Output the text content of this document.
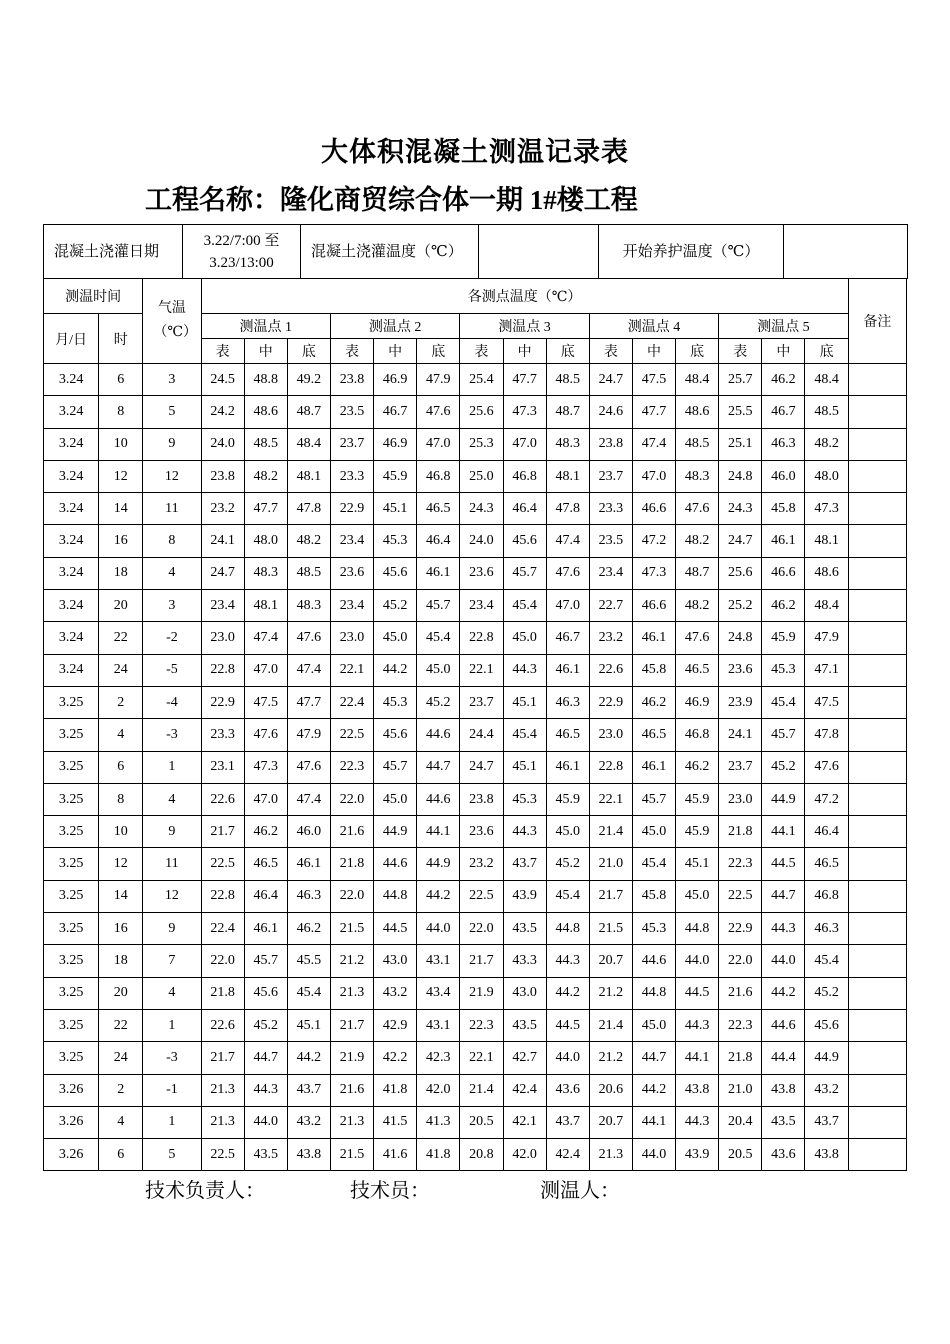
大体积混凝土测温记录表
工程名称：隆化商贸综合体一期 1#楼工程
混凝土浇灌日期	3.22/7:00 至 3.23/13:00	混凝土浇灌温度（℃）		开始养护温度（℃）	
测温时间		气温（℃）	各测点温度（℃）															备注
月/日	时		测温点 1			测温点 2			测温点 3			测温点 4			测温点 5			
			表	中	底	表	中	底	表	中	底	表	中	底	表	中	底	
3.24	6	3	24.5	48.8	49.2	23.8	46.9	47.9	25.4	47.7	48.5	24.7	47.5	48.4	25.7	46.2	48.4	
3.24	8	5	24.2	48.6	48.7	23.5	46.7	47.6	25.6	47.3	48.7	24.6	47.7	48.6	25.5	46.7	48.5	
3.24	10	9	24.0	48.5	48.4	23.7	46.9	47.0	25.3	47.0	48.3	23.8	47.4	48.5	25.1	46.3	48.2	
3.24	12	12	23.8	48.2	48.1	23.3	45.9	46.8	25.0	46.8	48.1	23.7	47.0	48.3	24.8	46.0	48.0	
3.24	14	11	23.2	47.7	47.8	22.9	45.1	46.5	24.3	46.4	47.8	23.3	46.6	47.6	24.3	45.8	47.3	
3.24	16	8	24.1	48.0	48.2	23.4	45.3	46.4	24.0	45.6	47.4	23.5	47.2	48.2	24.7	46.1	48.1	
3.24	18	4	24.7	48.3	48.5	23.6	45.6	46.1	23.6	45.7	47.6	23.4	47.3	48.7	25.6	46.6	48.6	
3.24	20	3	23.4	48.1	48.3	23.4	45.2	45.7	23.4	45.4	47.0	22.7	46.6	48.2	25.2	46.2	48.4	
3.24	22	-2	23.0	47.4	47.6	23.0	45.0	45.4	22.8	45.0	46.7	23.2	46.1	47.6	24.8	45.9	47.9	
3.24	24	-5	22.8	47.0	47.4	22.1	44.2	45.0	22.1	44.3	46.1	22.6	45.8	46.5	23.6	45.3	47.1	
3.25	2	-4	22.9	47.5	47.7	22.4	45.3	45.2	23.7	45.1	46.3	22.9	46.2	46.9	23.9	45.4	47.5	
3.25	4	-3	23.3	47.6	47.9	22.5	45.6	44.6	24.4	45.4	46.5	23.0	46.5	46.8	24.1	45.7	47.8	
3.25	6	1	23.1	47.3	47.6	22.3	45.7	44.7	24.7	45.1	46.1	22.8	46.1	46.2	23.7	45.2	47.6	
3.25	8	4	22.6	47.0	47.4	22.0	45.0	44.6	23.8	45.3	45.9	22.1	45.7	45.9	23.0	44.9	47.2	
3.25	10	9	21.7	46.2	46.0	21.6	44.9	44.1	23.6	44.3	45.0	21.4	45.0	45.9	21.8	44.1	46.4	
3.25	12	11	22.5	46.5	46.1	21.8	44.6	44.9	23.2	43.7	45.2	21.0	45.4	45.1	22.3	44.5	46.5	
3.25	14	12	22.8	46.4	46.3	22.0	44.8	44.2	22.5	43.9	45.4	21.7	45.8	45.0	22.5	44.7	46.8	
3.25	16	9	22.4	46.1	46.2	21.5	44.5	44.0	22.0	43.5	44.8	21.5	45.3	44.8	22.9	44.3	46.3	
3.25	18	7	22.0	45.7	45.5	21.2	43.0	43.1	21.7	43.3	44.3	20.7	44.6	44.0	22.0	44.0	45.4	
3.25	20	4	21.8	45.6	45.4	21.3	43.2	43.4	21.9	43.0	44.2	21.2	44.8	44.5	21.6	44.2	45.2	
3.25	22	1	22.6	45.2	45.1	21.7	42.9	43.1	22.3	43.5	44.5	21.4	45.0	44.3	22.3	44.6	45.6	
3.25	24	-3	21.7	44.7	44.2	21.9	42.2	42.3	22.1	42.7	44.0	21.2	44.7	44.1	21.8	44.4	44.9	
3.26	2	-1	21.3	44.3	43.7	21.6	41.8	42.0	21.4	42.4	43.6	20.6	44.2	43.8	21.0	43.8	43.2	
3.26	4	1	21.3	44.0	43.2	21.3	41.5	41.3	20.5	42.1	43.7	20.7	44.1	44.3	20.4	43.5	43.7	
3.26	6	5	22.5	43.5	43.8	21.5	41.6	41.8	20.8	42.0	42.4	21.3	44.0	43.9	20.5	43.6	43.8	
技术负责人：	技术员：	测温人：
